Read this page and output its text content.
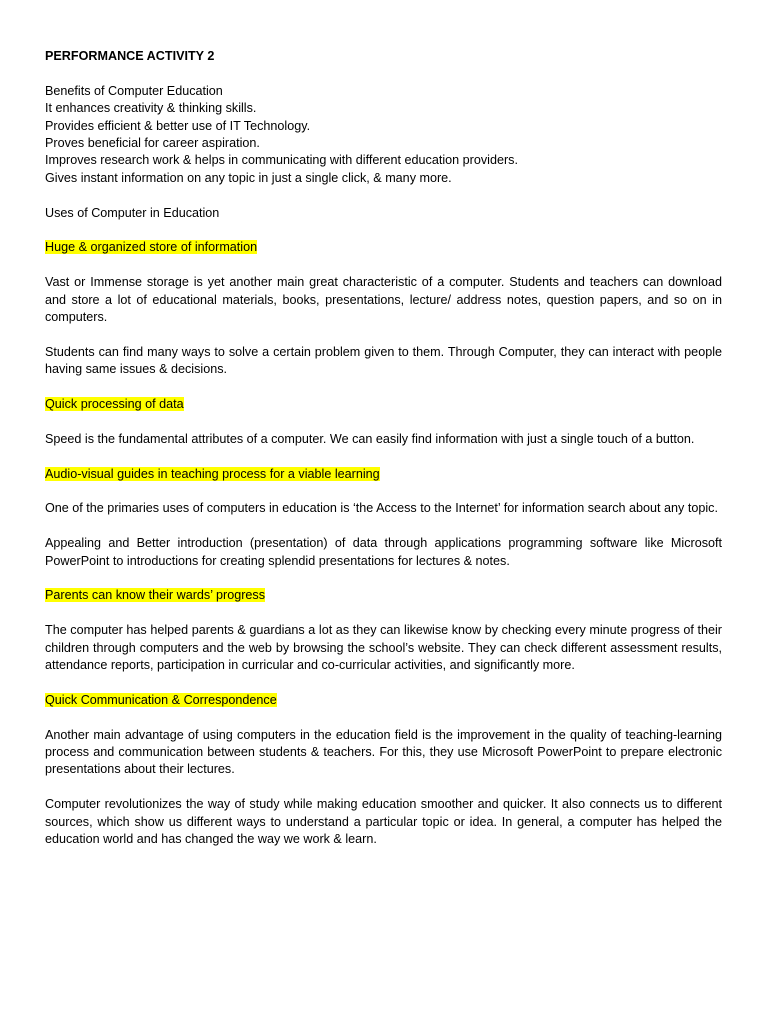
PERFORMANCE ACTIVITY 2

Benefits of Computer Education

It enhances creativity & thinking skills.

Provides efficient & better use of IT Technology.

Proves beneficial for career aspiration.

Improves research work & helps in communicating with different education providers.

Gives instant information on any topic in just a single click, & many more.

Uses of Computer in Education

Huge & organized store of information

Vast or Immense storage is yet another main great characteristic of a computer. Students and teachers can download and store a lot of educational materials, books, presentations, lecture/ address notes, question papers, and so on in computers.

Students can find many ways to solve a certain problem given to them. Through Computer, they can interact with people having same issues & decisions.

Quick processing of data

Speed is the fundamental attributes of a computer. We can easily find information with just a single touch of a button.

Audio-visual guides in teaching process for a viable learning

One of the primaries uses of computers in education is ‘the Access to the Internet’ for information search about any topic.

Appealing and Better introduction (presentation) of data through applications programming software like Microsoft PowerPoint to introductions for creating splendid presentations for lectures & notes.

Parents can know their wards’ progress

The computer has helped parents & guardians a lot as they can likewise know by checking every minute progress of their children through computers and the web by browsing the school’s website. They can check different assessment results, attendance reports, participation in curricular and co-curricular activities, and significantly more.

Quick Communication & Correspondence

Another main advantage of using computers in the education field is the improvement in the quality of teaching-learning process and communication between students & teachers. For this, they use Microsoft PowerPoint to prepare electronic presentations about their lectures.

Computer revolutionizes the way of study while making education smoother and quicker. It also connects us to different sources, which show us different ways to understand a particular topic or idea. In general, a computer has helped the education world and has changed the way we work & learn.
